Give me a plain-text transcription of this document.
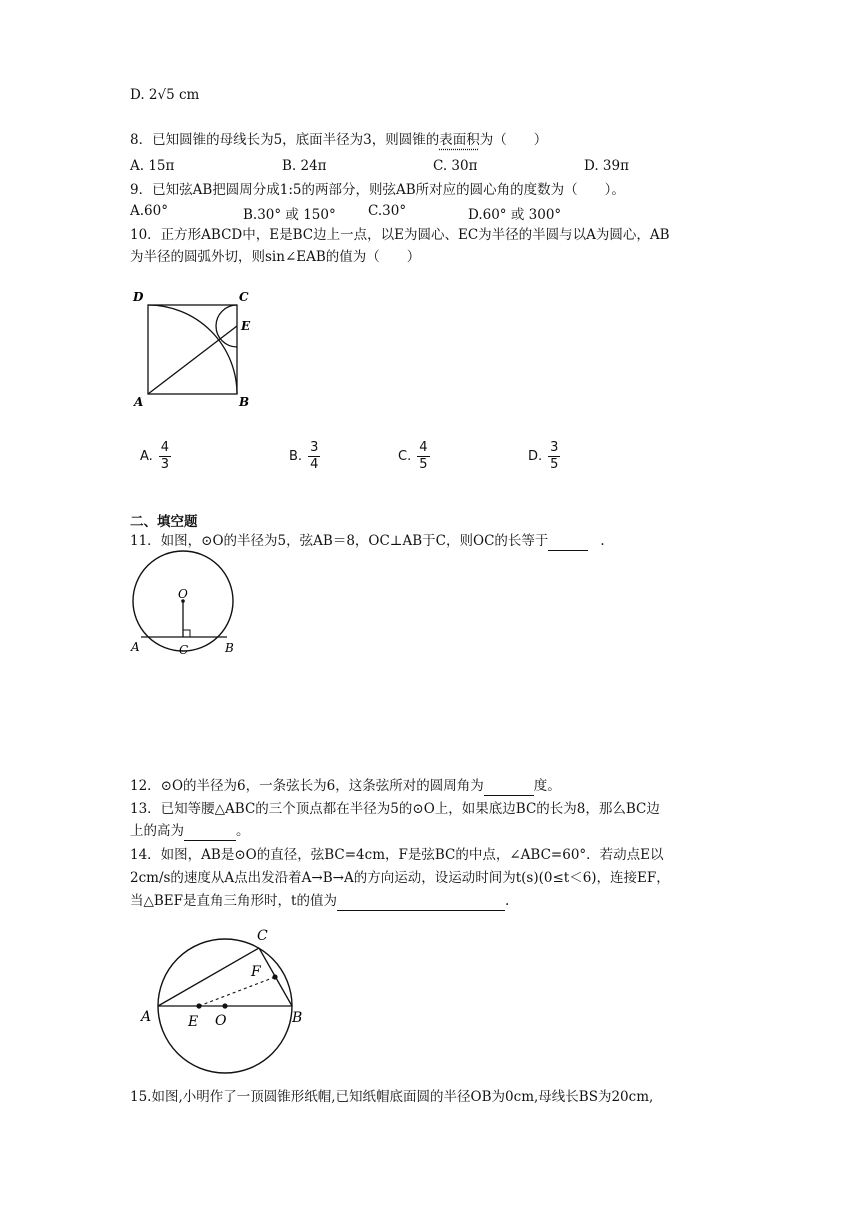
D. 2√5 cm
8．已知圆锥的母线长为5，底面半径为3，则圆锥的表面积为（　　）
A. 15π	B. 24π	C. 30π	D. 39π
9．已知弦AB把圆周分成1:5的两部分，则弦AB所对应的圆心角的度数为（　　）。
A.60°	B.30° 或 150° C.30°	D.60° 或 300°
10．正方形ABCD中，E是BC边上一点，以E为圆心、EC为半径的半圆与以A为圆心，AB
为半径的圆弧外切，则sin∠EAB的值为（　　）
D	C
E
A	B
A. $\frac{4}{3}$	B. $\frac{3}{4}$	C. $\frac{4}{5}$	D. $\frac{3}{5}$
二、填空题
11．如图，⊙O的半径为5，弦AB＝8，OC⊥AB于C，则OC的长等于	.
O
A	C	B
12．⊙O的半径为6，一条弦长为6，这条弦所对的圆周角为	度。
13．已知等腰△ABC的三个顶点都在半径为5的⊙O上，如果底边BC的长为8，那么BC边
上的高为	。
14．如图，AB是⊙O的直径，弦BC=4cm，F是弦BC的中点，∠ABC=60°．若动点E以
2cm/s的速度从A点出发沿着A→B→A的方向运动，设运动时间为t(s)(0≤t＜6)，连接EF，
当△BEF是直角三角形时，t的值为	.
C
F
A	E O	B
15.如图,小明作了一顶圆锥形纸帽,已知纸帽底面圆的半径OB为0cm,母线长BS为20cm,
